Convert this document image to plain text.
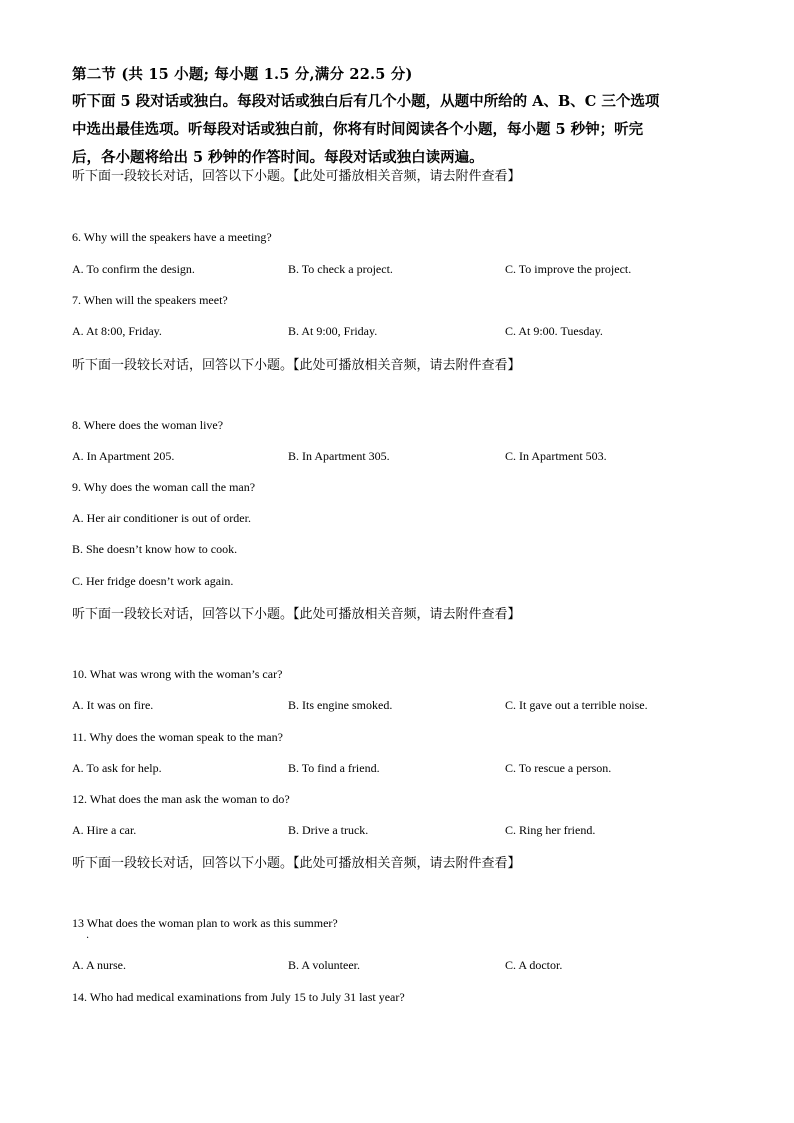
第二节 (共 15 小题; 每小题 1.5 分,满分 22.5 分)
听下面 5 段对话或独白。每段对话或独白后有几个小题，从题中所给的 A、B、C 三个选项
中选出最佳选项。听每段对话或独白前，你将有时间阅读各个小题，每小题 5 秒钟；听完
后，各小题将给出 5 秒钟的作答时间。每段对话或独白读两遍。
听下面一段较长对话，回答以下小题。【此处可播放相关音频，请去附件查看】
6. Why will the speakers have a meeting?
A. To confirm the design.	B. To check a project.	C. To improve the project.
7. When will the speakers meet?
A. At 8:00, Friday.	B. At 9:00, Friday.	C. At 9:00. Tuesday.
听下面一段较长对话，回答以下小题。【此处可播放相关音频，请去附件查看】
8. Where does the woman live?
A. In Apartment 205.	B. In Apartment 305.	C. In Apartment 503.
9. Why does the woman call the man?
A. Her air conditioner is out of order.
B. She doesn’t know how to cook.
C. Her fridge doesn’t work again.
听下面一段较长对话，回答以下小题。【此处可播放相关音频，请去附件查看】
10. What was wrong with the woman’s car?
A. It was on fire.	B. Its engine smoked.	C. It gave out a terrible noise.
11. Why does the woman speak to the man?
A. To ask for help.	B. To find a friend.	C. To rescue a person.
12. What does the man ask the woman to do?
A. Hire a car.	B. Drive a truck.	C. Ring her friend.
听下面一段较长对话，回答以下小题。【此处可播放相关音频，请去附件查看】
13 What does the woman plan to work as this summer?
.
A. A nurse.	B. A volunteer.	C. A doctor.
14. Who had medical examinations from July 15 to July 31 last year?
